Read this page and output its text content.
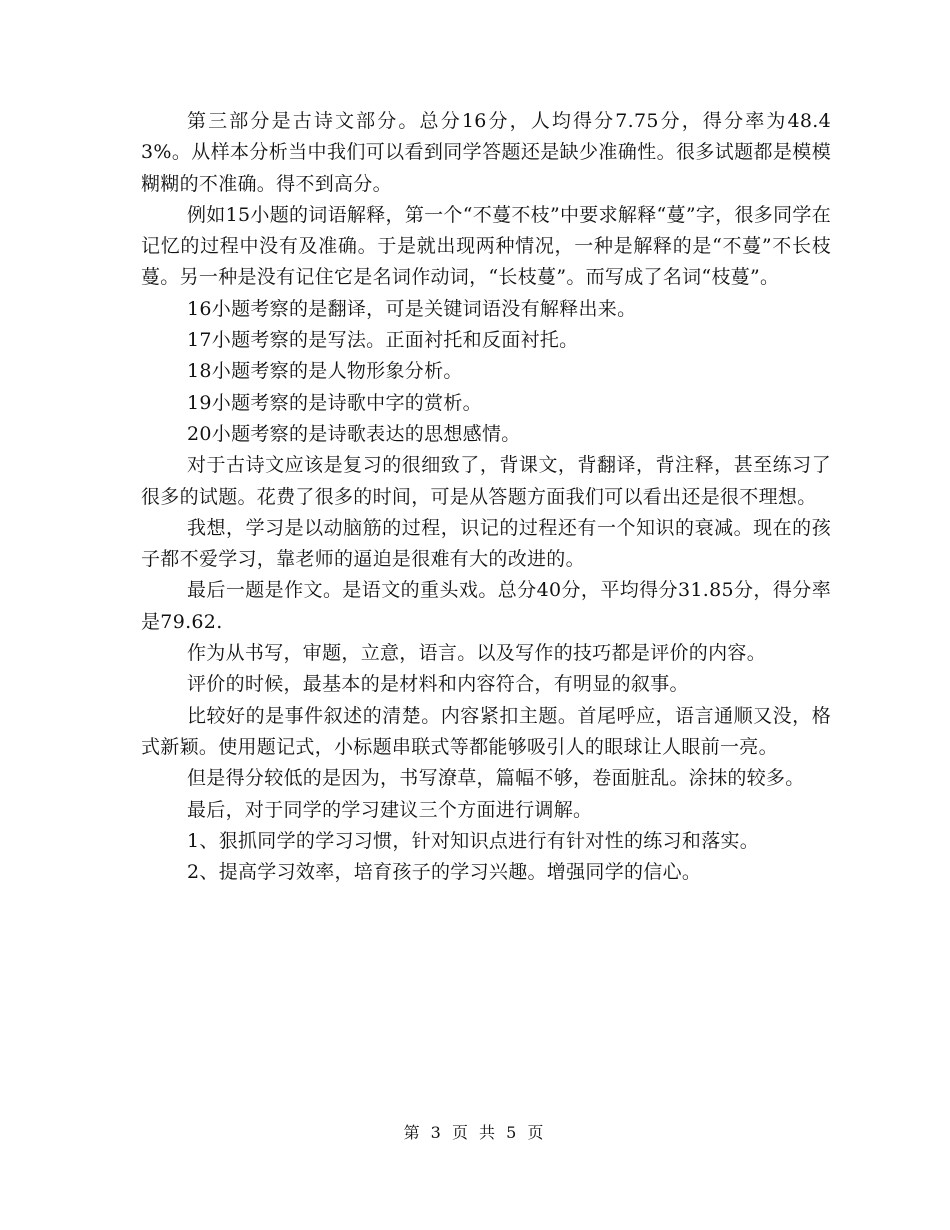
第三部分是古诗文部分。总分16分，人均得分7.75分，得分率为48.43%。从样本分析当中我们可以看到同学答题还是缺少准确性。很多试题都是模模糊糊的不准确。得不到高分。

例如15小题的词语解释，第一个“不蔓不枝”中要求解释“蔓”字，很多同学在记忆的过程中没有及准确。于是就出现两种情况，一种是解释的是“不蔓”不长枝蔓。另一种是没有记住它是名词作动词，“长枝蔓”。而写成了名词“枝蔓”。

16小题考察的是翻译，可是关键词语没有解释出来。

17小题考察的是写法。正面衬托和反面衬托。

18小题考察的是人物形象分析。

19小题考察的是诗歌中字的赏析。

20小题考察的是诗歌表达的思想感情。

对于古诗文应该是复习的很细致了，背课文，背翻译，背注释，甚至练习了很多的试题。花费了很多的时间，可是从答题方面我们可以看出还是很不理想。

我想，学习是以动脑筋的过程，识记的过程还有一个知识的衰减。现在的孩子都不爱学习，靠老师的逼迫是很难有大的改进的。

最后一题是作文。是语文的重头戏。总分40分，平均得分31.85分，得分率是79.62.

作为从书写，审题，立意，语言。以及写作的技巧都是评价的内容。

评价的时候，最基本的是材料和内容符合，有明显的叙事。

比较好的是事件叙述的清楚。内容紧扣主题。首尾呼应，语言通顺又没，格式新颖。使用题记式，小标题串联式等都能够吸引人的眼球让人眼前一亮。

但是得分较低的是因为，书写潦草，篇幅不够，卷面脏乱。涂抹的较多。

最后，对于同学的学习建议三个方面进行调解。

1、狠抓同学的学习习惯，针对知识点进行有针对性的练习和落实。

2、提高学习效率，培育孩子的学习兴趣。增强同学的信心。

第 3 页 共 5 页
